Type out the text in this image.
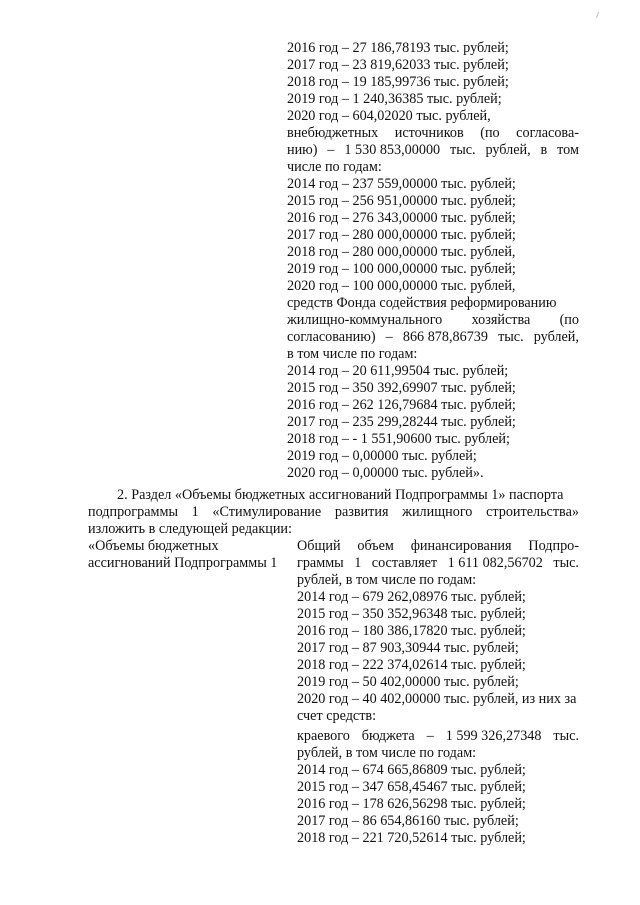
2016 год – 27 186,78193 тыс. рублей;
2017 год – 23 819,62033 тыс. рублей;
2018 год – 19 185,99736 тыс. рублей;
2019 год – 1 240,36385 тыс. рублей;
2020 год – 604,02020 тыс. рублей,
внебюджетных источников (по согласова-
нию) – 1 530 853,00000 тыс. рублей, в том
числе по годам:
2014 год – 237 559,00000 тыс. рублей;
2015 год – 256 951,00000 тыс. рублей;
2016 год – 276 343,00000 тыс. рублей;
2017 год – 280 000,00000 тыс. рублей;
2018 год – 280 000,00000 тыс. рублей,
2019 год – 100 000,00000 тыс. рублей;
2020 год – 100 000,00000 тыс. рублей,
средств Фонда содействия реформированию
жилищно-коммунального хозяйства (по
согласованию) – 866 878,86739 тыс. рублей,
в том числе по годам:
2014 год – 20 611,99504 тыс. рублей;
2015 год – 350 392,69907 тыс. рублей;
2016 год – 262 126,79684 тыс. рублей;
2017 год – 235 299,28244 тыс. рублей;
2018 год – - 1 551,90600 тыс. рублей;
2019 год – 0,00000 тыс. рублей;
2020 год – 0,00000 тыс. рублей».
2. Раздел «Объемы бюджетных ассигнований Подпрограммы 1» паспорта
подпрограммы 1 «Стимулирование развития жилищного строительства»
изложить в следующей редакции:
«Объемы бюджетных
ассигнований Подпрограммы 1
Общий объем финансирования Подпро-
граммы 1 составляет 1 611 082,56702 тыс.
рублей, в том числе по годам:
2014 год – 679 262,08976 тыс. рублей;
2015 год – 350 352,96348 тыс. рублей;
2016 год – 180 386,17820 тыс. рублей;
2017 год – 87 903,30944 тыс. рублей;
2018 год – 222 374,02614 тыс. рублей;
2019 год – 50 402,00000 тыс. рублей;
2020 год – 40 402,00000 тыс. рублей, из них за
счет средств:
краевого бюджета – 1 599 326,27348 тыс.
рублей, в том числе по годам:
2014 год – 674 665,86809 тыс. рублей;
2015 год – 347 658,45467 тыс. рублей;
2016 год – 178 626,56298 тыс. рублей;
2017 год – 86 654,86160 тыс. рублей;
2018 год – 221 720,52614 тыс. рублей;
